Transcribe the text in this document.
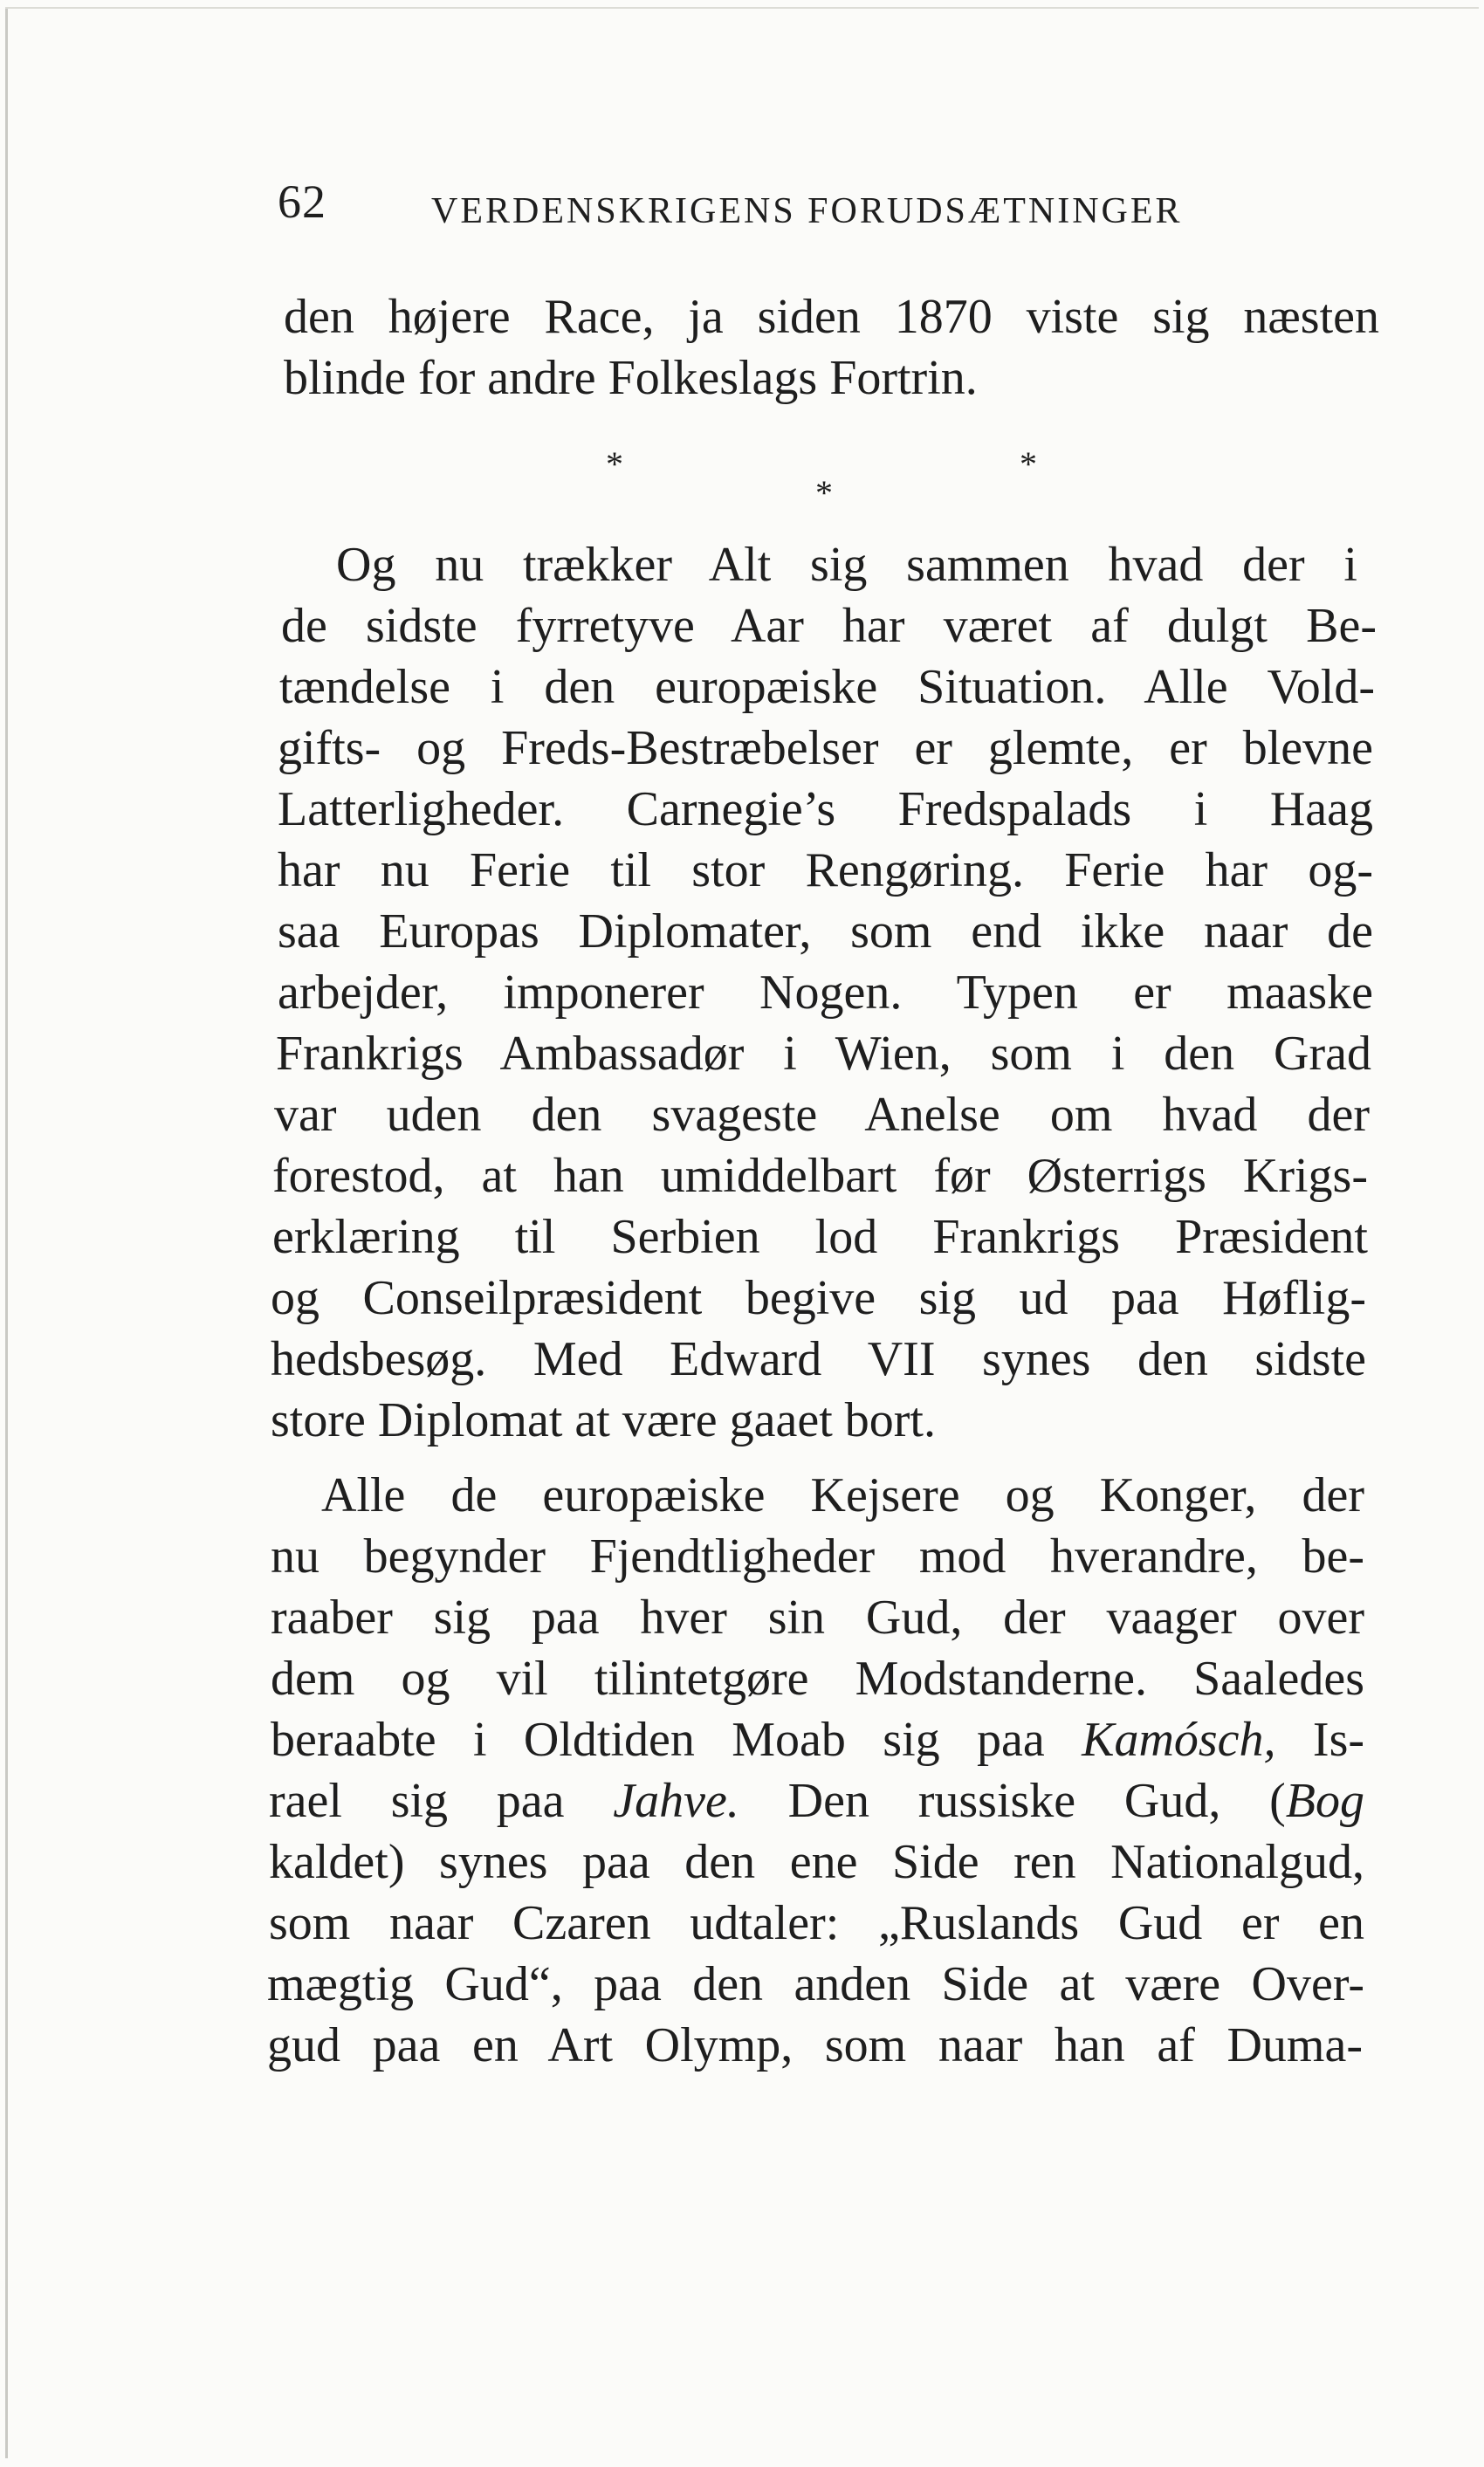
62	VERDENSKRIGENS FORUDSÆTNINGER
den højere Race, ja siden 1870 viste sig næsten
blinde for andre Folkeslags Fortrin.
*
*
*
Og nu trækker Alt sig sammen hvad der i
de sidste fyrretyve Aar har været af dulgt Be-
tændelse i den europæiske Situation. Alle Vold-
gifts- og Freds-Bestræbelser er glemte, er blevne
Latterligheder. Carnegie’s Fredspalads i Haag
har nu Ferie til stor Rengøring. Ferie har og-
saa Europas Diplomater, som end ikke naar de
arbejder, imponerer Nogen. Typen er maaske
Frankrigs Ambassadør i Wien, som i den Grad
var uden den svageste Anelse om hvad der
forestod, at han umiddelbart før Østerrigs Krigs-
erklæring til Serbien lod Frankrigs Præsident
og Conseilpræsident begive sig ud paa Høflig-
hedsbesøg. Med Edward VII synes den sidste
store Diplomat at være gaaet bort.
Alle de europæiske Kejsere og Konger, der
nu begynder Fjendtligheder mod hverandre, be-
raaber sig paa hver sin Gud, der vaager over
dem og vil tilintetgøre Modstanderne. Saaledes
beraabte i Oldtiden Moab sig paa Kamósch, Is-
rael sig paa Jahve. Den russiske Gud, (Bog
kaldet) synes paa den ene Side ren Nationalgud,
som naar Czaren udtaler: „Ruslands Gud er en
mægtig Gud“, paa den anden Side at være Over-
gud paa en Art Olymp, som naar han af Duma-
